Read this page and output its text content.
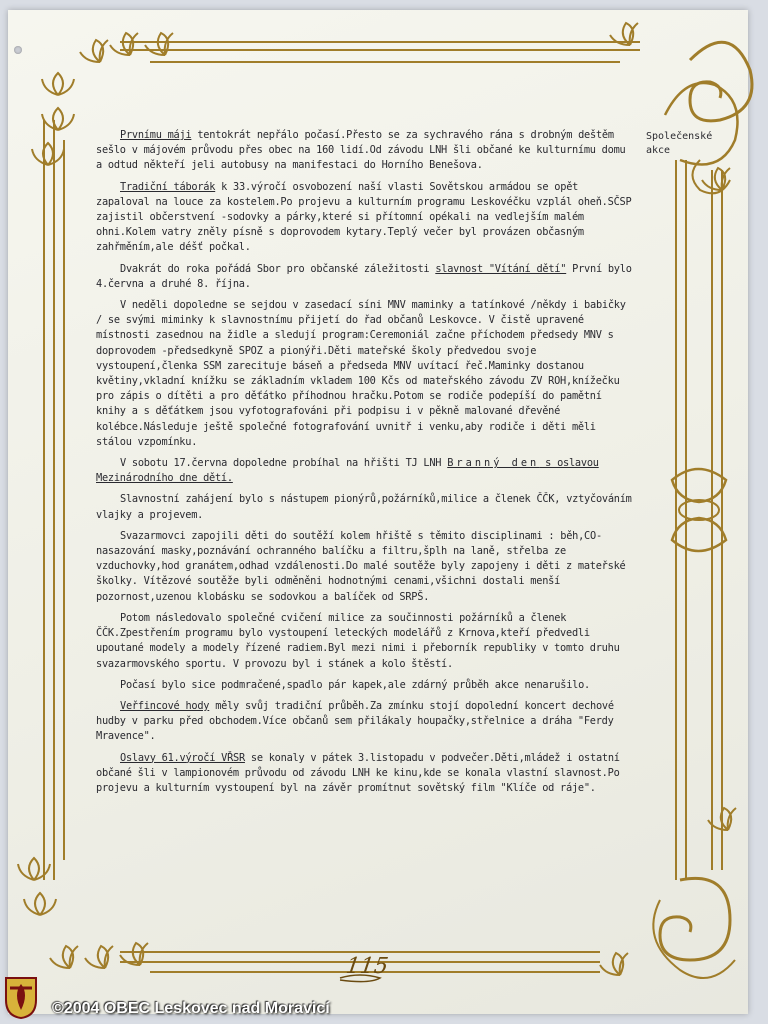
Společenské akce

Prvnímu máji tentokrát nepřálo počasí.Přesto se za sychravého rána s drobným deštěm sešlo v májovém průvodu přes obec na 160 lidí.Od závodu LNH šli občané ke kulturnímu domu a odtud někteří jeli autobusy na manifestaci do Horního Benešova.

Tradiční táborák k 33.výročí osvobození naší vlasti Sovětskou armádou se opět zapaloval na louce za kostelem.Po projevu a kulturním programu Leskovéčku vzplál oheň.SČSP zajistil občerstvení -sodovky a párky,které si přítomní opékali na vedlejším malém ohni.Kolem vatry zněly písně s doprovodem kytary.Teplý večer byl provázen občasným zahřměním,ale déšť počkal.

Dvakrát do roka pořádá Sbor pro občanské záležitosti slavnost "Vítání dětí" První bylo 4.června a druhé 8. října.

V neděli dopoledne se sejdou v zasedací síni MNV maminky a tatínkové /někdy i babičky / se svými miminky k slavnostnímu přijetí do řad občanů Leskovce. V čistě upravené místnosti zasednou na židle a sledují program:Ceremoniál začne příchodem předsedy MNV s doprovodem -předsedkyně SPOZ a pionýři.Děti mateřské školy předvedou svoje vystoupení,členka SSM zarecituje báseň a předseda MNV uvítací řeč.Maminky dostanou květiny,vkladní knížku se základním vkladem 100 Kčs od mateřského závodu ZV ROH,knížečku pro zápis o dítěti a pro děťátko příhodnou hračku.Potom se rodiče podepíší do pamětní knihy a s děťátkem jsou vyfotografováni při podpisu i v pěkně malované dřevěné kolébce.Následuje ještě společné fotografování uvnitř i venku,aby rodiče i děti měli stálou vzpomínku.

V sobotu 17.června dopoledne probíhal na hřišti TJ LNH Branný den s oslavou Mezinárodního dne dětí.

Slavnostní zahájení bylo s nástupem pionýrů,požárníků,milice a členek ČČK, vztyčováním vlajky a projevem.

Svazarmovci zapojili děti do soutěží kolem hřiště s těmito disciplinami : běh,CO-nasazování masky,poznávání ochranného balíčku a filtru,šplh na laně, střelba ze vzduchovky,hod granátem,odhad vzdálenosti.Do malé soutěže byly zapojeny i děti z mateřské školky. Vítězové soutěže byli odměněni hodnotnými cenami,všichni dostali menší pozornost,uzenou klobásku se sodovkou a balíček od SRPŠ.

Potom následovalo společné cvičení milice za součinnosti požárníků a členek ČČK.Zpestřením programu bylo vystoupení leteckých modelářů z Krnova,kteří předvedli upoutané modely a modely řízené radiem.Byl mezi nimi i přeborník republiky v tomto druhu svazarmovského sportu. V provozu byl i stánek a kolo štěstí.

Počasí bylo sice podmračené,spadlo pár kapek,ale zdárný průběh akce nenarušilo.

Veřfincové hody měly svůj tradiční průběh.Za zmínku stojí dopolední koncert dechové hudby v parku před obchodem.Více občanů sem přilákaly houpačky,střelnice a dráha "Ferdy Mravence".

Oslavy 61.výročí VŘSR se konaly v pátek 3.listopadu v podvečer.Děti,mládež i ostatní občané šli v lampionovém průvodu od závodu LNH ke kinu,kde se konala vlastní slavnost.Po projevu a kulturním vystoupení byl na závěr promítnut sovětský film "Klíče od ráje".

115
©2004 OBEC Leskovec nad Moravicí
